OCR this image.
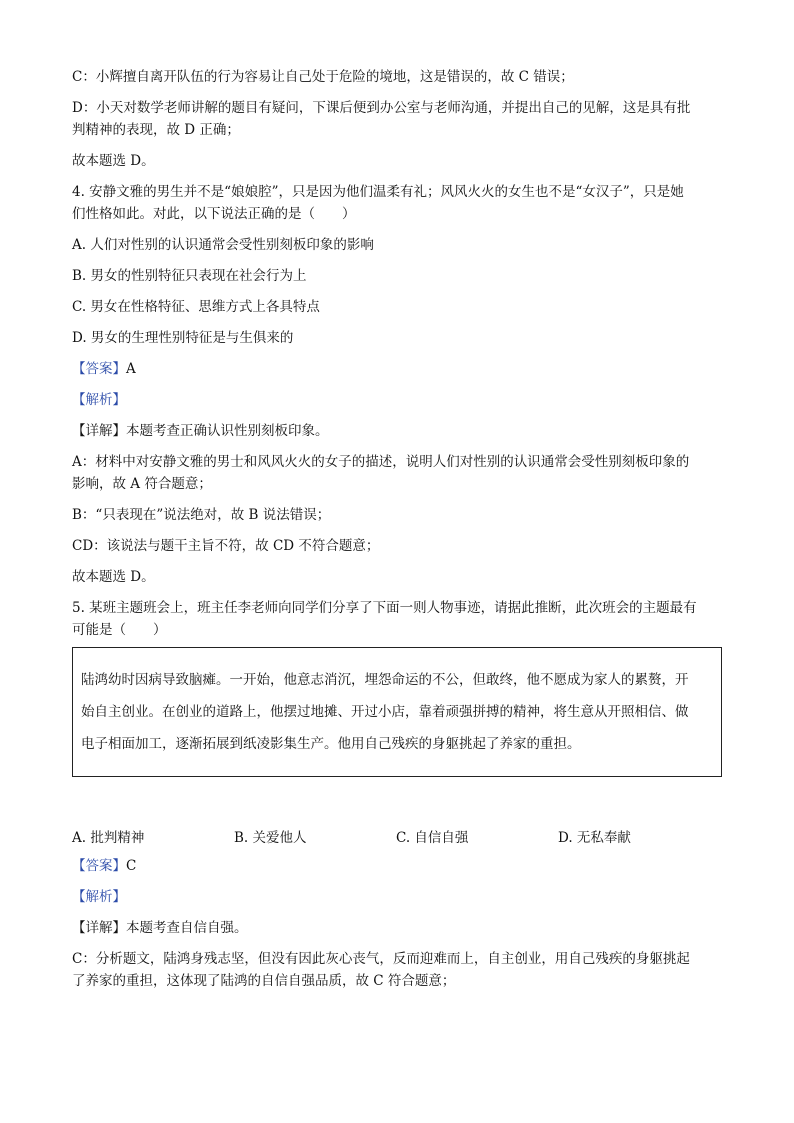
C：小辉擅自离开队伍的行为容易让自己处于危险的境地，这是错误的，故 C 错误；

D：小天对数学老师讲解的题目有疑问，下课后便到办公室与老师沟通，并提出自己的见解，这是具有批
判精神的表现，故 D 正确；

故本题选 D。

4. 安静文雅的男生并不是“娘娘腔”，只是因为他们温柔有礼；风风火火的女生也不是“女汉子”，只是她
们性格如此。对此，以下说法正确的是（　　）

A. 人们对性别的认识通常会受性别刻板印象的影响

B. 男女的性别特征只表现在社会行为上

C. 男女在性格特征、思维方式上各具特点

D. 男女的生理性别特征是与生俱来的

【答案】A

【解析】

【详解】本题考查正确认识性别刻板印象。

A：材料中对安静文雅的男士和风风火火的女子的描述，说明人们对性别的认识通常会受性别刻板印象的
影响，故 A 符合题意；

B：“只表现在”说法绝对，故 B 说法错误；

CD：该说法与题干主旨不符，故 CD 不符合题意；

故本题选 D。

5. 某班主题班会上，班主任李老师向同学们分享了下面一则人物事迹，请据此推断，此次班会的主题最有
可能是（　　）

陆鸿幼时因病导致脑瘫。一开始，他意志消沉，埋怨命运的不公，但敢终，他不愿成为家人的累赘，开
始自主创业。在创业的道路上，他摆过地摊、开过小店，靠着顽强拼搏的精神，将生意从开照相信、做
电子相面加工，逐渐拓展到纸凌影集生产。他用自己残疾的身躯挑起了养家的重担。
A. 批判精神	B. 关爱他人	C. 自信自强	D. 无私奉献

【答案】C

【解析】

【详解】本题考查自信自强。

C：分析题文，陆鸿身残志坚，但没有因此灰心丧气，反而迎难而上，自主创业，用自己残疾的身躯挑起
了养家的重担，这体现了陆鸿的自信自强品质，故 C 符合题意；
